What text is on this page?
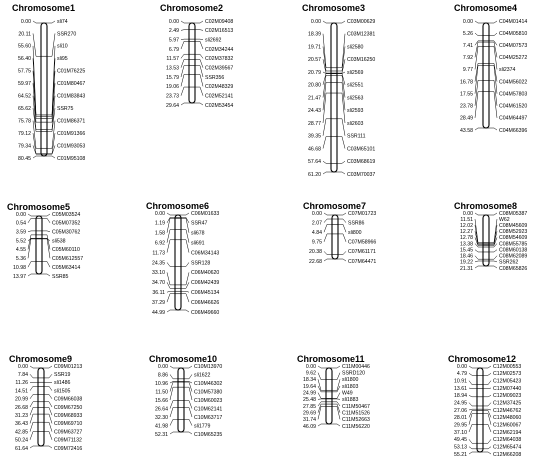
Chromosome1
0.00	sli74
20.11	SSR270
55.60	sli10
56.40	sli95
57.75	C01M76225
59.97	C01M80467
64.52	C01M83843
65.62	SSR75
75.78	C01M86371
79.12	C01M91366
79.34	C01M93053
80.45	C01M95108
Chromosome2
0.00	C02M09408
2.49	C02M16513
5.97	sli2692
6.79	C02M34244
11.57	C02M37832
13.53	C02M39567
15.79	SSR356
19.06	C02M48329
23.73	C02M52141
29.64	C02M53454
Chromosome3
0.00	C03M00629
18.39	C03M12381
19.71	sli2580
20.57	C03M16250
20.79	sli2569
20.80	sli2551
21.47	sli2563
24.43	sli2593
28.77	sli2603
39.35	SSR111
46.68	C03M65101
57.64	C03M68619
61.20	C03M70037
Chromosome4
0.00	C04M01414
5.26	C04M05810
7.41	C04M07573
7.92	C04M25272
9.77	sli2374
16.78	C04M56022
17.55	C04M57803
23.78	C04M61520
28.49	C04M64497
43.58	C04M66396
Chromosome5
0.00	C05M03524
0.54	C05M07352
3.59	C05M30762
5.52	sli538
4.55	C05M60110
5.36	C05M612557
10.98	C05M63414
13.97	SSR85
Chromosome6
0.00	C06M01633
1.19	SSR47
1.58	sli678
6.92	sli691
11.73	C06M34143
24.35	SSR128
33.10	C06M40620
34.70	C06M42439
36.11	C06M45134
37.29	C06M46626
44.99	C06M49660
Chromosome7
0.00	C07M01723
2.07	SSR86
4.84	sli800
9.75	C07M58966
20.38	C07M61171
22.68	C07M64471
Chromosome8
0.00	C08M05387
11.51	W62
12.02	C08M45609
12.27	C08M52923
12.78	C08M54609
13.38	C08M55785
15.45	C08M60138
18.46	C08M62089
19.22	SSR262
21.31	C08M65826
Chromosome9
0.00	C09M01213
7.84	SSR19
11.26	sli1486
14.51	sli1505
20.99	C09M66038
26.68	C09M67250
31.23	C09M68933
36.43	C09M69710
42.85	C09M63727
50.24	C09M71132
61.64	C09M72416
Chromosome10
0.00	C10M13970
8.86	sli1622
10.96	C10M46302
11.50	C10M57380
15.66	C10M60023
26.64	C10M62141
32.30	C10M63717
41.98	sli1779
52.31	C10M65235
Chromosome11
0.00	C11M00446
9.62	SSRD120
18.34	sli1800
19.64	sli1803
24.99	W49
25.48	sli1883
27.85	C11M50467
29.69	C11M51526
31.74	C11M52663
46.09	C11M56220
Chromosome12
0.00	C12M00553
4.79	C12M02573
10.91	C12M05423
13.61	C12M07440
18.94	C12M09023
24.95	C12M37425
27.06	C12M46762
28.01	C12M48060
29.95	C12M60067
37.10	C12M62194
49.45	C12M64038
53.13	C12M65474
55.21	C12M66208
